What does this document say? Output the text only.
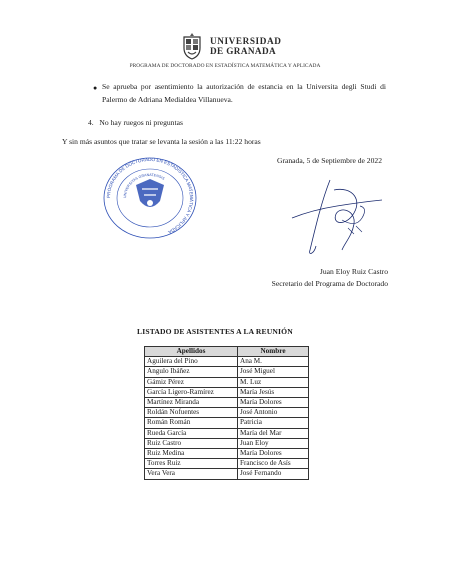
UNIVERSIDAD
DE GRANADA
PROGRAMA DE DOCTORADO EN ESTADÍSTICA MATEMÁTICA Y APLICADA
● Se aprueba por asentimiento la autorización de estancia en la Universita degli Studi di Palermo de Adriana Medialdea Villanueva.
4. No hay ruegos ni preguntas
Y sin más asuntos que tratar se levanta la sesión a las 11:22 horas
Granada, 5 de Septiembre de 2022
PROGRAMA DE DOCTORADO EN ESTADÍSTICA MATEMÁTICA Y APLICADA
UNIVERSITAS GRANATENSIS
Juan Eloy Ruiz Castro
Secretario del Programa de Doctorado
LISTADO DE ASISTENTES A LA REUNIÓN
Apellidos	Nombre
Aguilera del Pino	Ana M.
Angulo Ibáñez	José Miguel
Gámiz Pérez	M. Luz
García Ligero-Ramírez	María Jesús
Martínez Miranda	María Dolores
Roldán Nofuentes	José Antonio
Román Román	Patricia
Rueda García	María del Mar
Ruiz Castro	Juan Eloy
Ruiz Medina	María Dolores
Torres Ruiz	Francisco de Asís
Vera Vera	José Fernando
